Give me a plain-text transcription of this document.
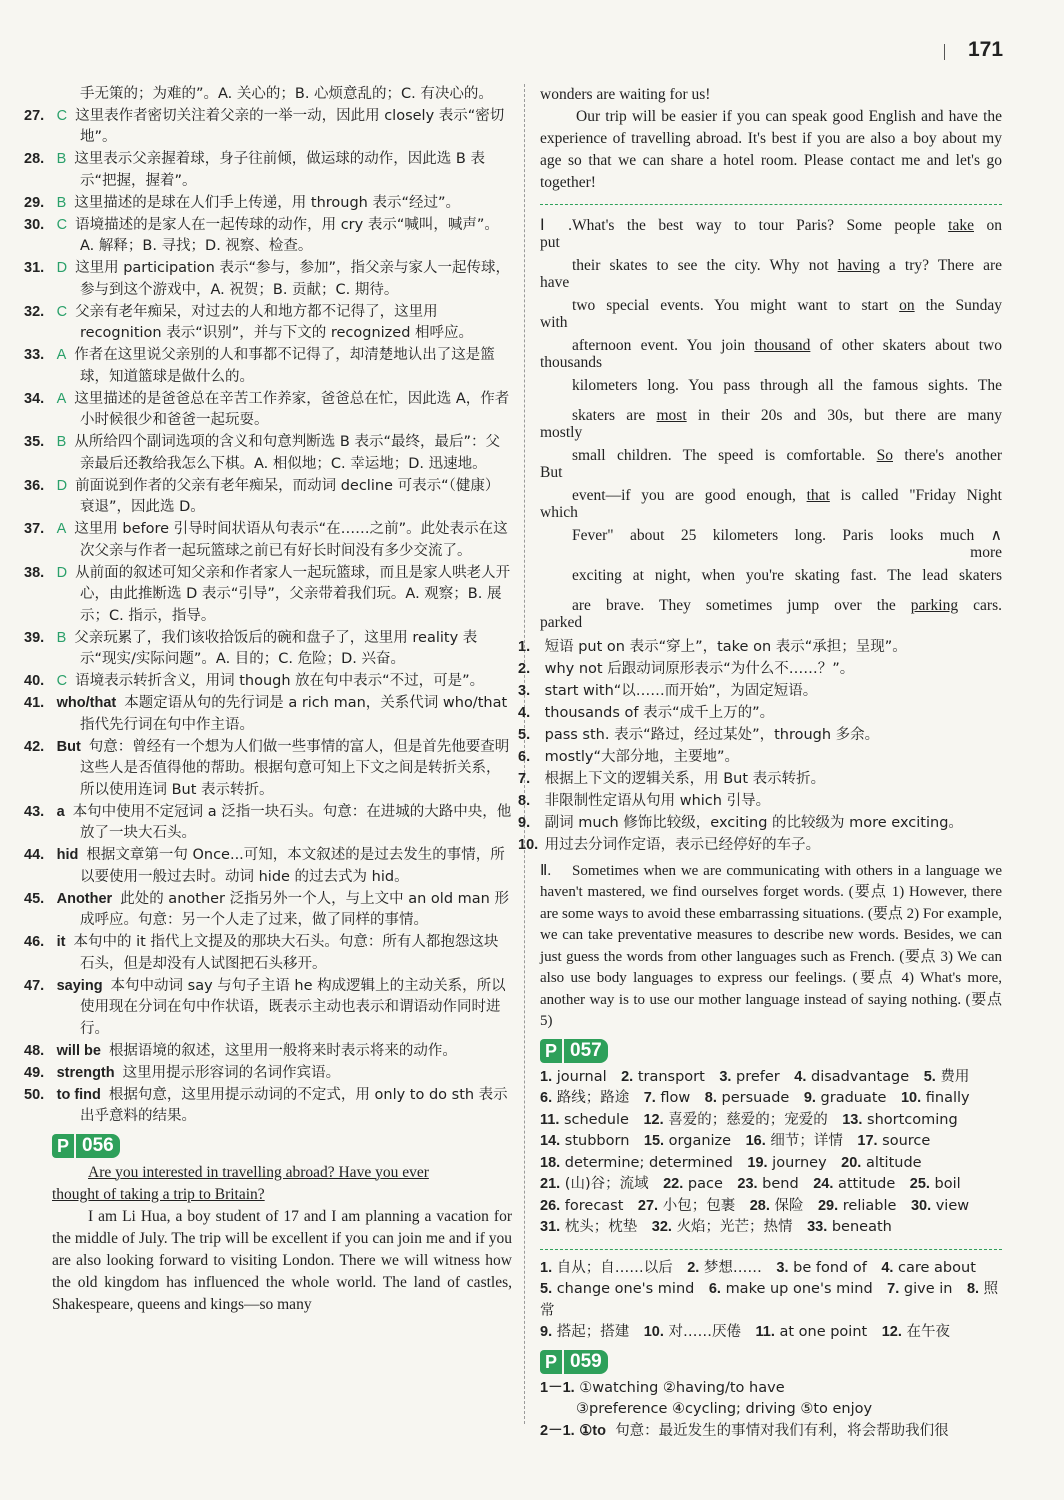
171

手无策的；为难的”。A. 关心的；B. 心烦意乱的；C. 有决心的。

27. C 这里表作者密切关注着父亲的一举一动，因此用 closely 表示“密切地”。

28. B 这里表示父亲握着球，身子往前倾，做运球的动作，因此选 B 表示“把握，握着”。

29. B 这里描述的是球在人们手上传递，用 through 表示“经过”。

30. C 语境描述的是家人在一起传球的动作，用 cry 表示“喊叫，喊声”。A. 解释；B. 寻找；D. 视察、检查。

31. D 这里用 participation 表示“参与，参加”，指父亲与家人一起传球，参与到这个游戏中，A. 祝贺；B. 贡献；C. 期待。

32. C 父亲有老年痴呆，对过去的人和地方都不记得了，这里用 recognition 表示“识别”，并与下文的 recognized 相呼应。

33. A 作者在这里说父亲别的人和事都不记得了，却清楚地认出了这是篮球，知道篮球是做什么的。

34. A 这里描述的是爸爸总在辛苦工作养家，爸爸总在忙，因此选 A，作者小时候很少和爸爸一起玩耍。

35. B 从所给四个副词选项的含义和句意判断选 B 表示“最终，最后”：父亲最后还教给我怎么下棋。A. 相似地；C. 幸运地；D. 迅速地。

36. D 前面说到作者的父亲有老年痴呆，而动词 decline 可表示“（健康）衰退”，因此选 D。

37. A 这里用 before 引导时间状语从句表示“在……之前”。此处表示在这次父亲与作者一起玩篮球之前已有好长时间没有多少交流了。

38. D 从前面的叙述可知父亲和作者家人一起玩篮球，而且是家人哄老人开心，由此推断选 D 表示“引导”，父亲带着我们玩。A. 观察；B. 展示；C. 指示，指导。

39. B 父亲玩累了，我们该收拾饭后的碗和盘子了，这里用 reality 表示“现实/实际问题”。A. 目的；C. 危险；D. 兴奋。

40. C 语境表示转折含义，用词 though 放在句中表示“不过，可是”。

41. who/that 本题定语从句的先行词是 a rich man，关系代词 who/that 指代先行词在句中作主语。

42. But 句意：曾经有一个想为人们做一些事情的富人，但是首先他要查明这些人是否值得他的帮助。根据句意可知上下文之间是转折关系，所以使用连词 But 表示转折。

43. a 本句中使用不定冠词 a 泛指一块石头。句意：在进城的大路中央，他放了一块大石头。

44. hid 根据文章第一句 Once...可知，本文叙述的是过去发生的事情，所以要使用一般过去时。动词 hide 的过去式为 hid。

45. Another 此处的 another 泛指另外一个人，与上文中 an old man 形成呼应。句意：另一个人走了过来，做了同样的事情。

46. it 本句中的 it 指代上文提及的那块大石头。句意：所有人都抱怨这块石头，但是却没有人试图把石头移开。

47. saying 本句中动词 say 与句子主语 he 构成逻辑上的主动关系，所以使用现在分词在句中作状语，既表示主动也表示和谓语动作同时进行。

48. will be 根据语境的叙述，这里用一般将来时表示将来的动作。

49. strength 这里用提示形容词的名词作宾语。

50. to find 根据句意，这里用提示动词的不定式，用 only to do sth 表示出乎意料的结果。

P 056

Are you interested in travelling abroad? Have you ever

thought of taking a trip to Britain?

I am Li Hua, a boy student of 17 and I am planning a vacation for the middle of July. The trip will be excellent if you can join me and if you are also looking forward to visiting London. There we will witness how the old kingdom has influenced the whole world. The land of castles, Shakespeare, queens and kings—so many

wonders are waiting for us!

Our trip will be easier if you can speak good English and have the experience of travelling abroad. It's best if you are also a boy about my age so that we can share a hotel room. Please contact me and let's go together!

Ⅰ.What's the best way to tour Paris? Some people take on

put

their skates to see the city. Why not having a try? There are

have

two special events. You might want to start on the Sunday

with

afternoon event. You join thousand of other skaters about two

thousands

kilometers long. You pass through all the famous sights. The

skaters are most in their 20s and 30s, but there are many

mostly

small children. The speed is comfortable. So there's another

But

event—if you are good enough, that is called "Friday Night

which

Fever" about 25 kilometers long. Paris looks much ∧

more

exciting at night, when you're skating fast. The lead skaters

are brave. They sometimes jump over the parking cars.

parked

1. 短语 put on 表示“穿上”，take on 表示“承担；呈现”。

2. why not 后跟动词原形表示“为什么不……？”。

3. start with“以……而开始”，为固定短语。

4. thousands of 表示“成千上万的”。

5. pass sth. 表示“路过，经过某处”，through 多余。

6. mostly“大部分地，主要地”。

7. 根据上下文的逻辑关系，用 But 表示转折。

8. 非限制性定语从句用 which 引导。

9. 副词 much 修饰比较级，exciting 的比较级为 more exciting。

10. 用过去分词作定语，表示已经停好的车子。

Ⅱ. Sometimes when we are communicating with others in a language we haven't mastered, we find ourselves forget words. (要点 1) However, there are some ways to avoid these embarrassing situations. (要点 2) For example, we can take preventative measures to describe new words. Besides, we can just guess the words from other languages such as French. (要点 3) We can also use body languages to express our feelings. (要点 4) What's more, another way is to use our mother language instead of saying nothing. (要点 5)

P 057

1. journal  2. transport  3. prefer  4. disadvantage  5. 费用 

6. 路线；路途  7. flow  8. persuade  9. graduate  10. finally 

11. schedule  12. 喜爱的；慈爱的；宠爱的  13. shortcoming 

14. stubborn  15. organize  16. 细节；详情  17. source 

18. determine; determined  19. journey  20. altitude 

21. (山)谷；流域  22. pace  23. bend  24. attitude  25. boil 

26. forecast  27. 小包；包裹  28. 保险  29. reliable  30. view 

31. 枕头；枕垫  32. 火焰；光芒；热情  33. beneath 

1. 自从；自……以后  2. 梦想……  3. be fond of  4. care about 

5. change one's mind  6. make up one's mind  7. give in  8. 照常 

9. 搭起；搭建  10. 对……厌倦  11. at one point  12. 在午夜 

P 059

1－1. ①watching ②having/to have

③preference ④cycling; driving ⑤to enjoy

2－1. ①to 句意：最近发生的事情对我们有利，将会帮助我们很
